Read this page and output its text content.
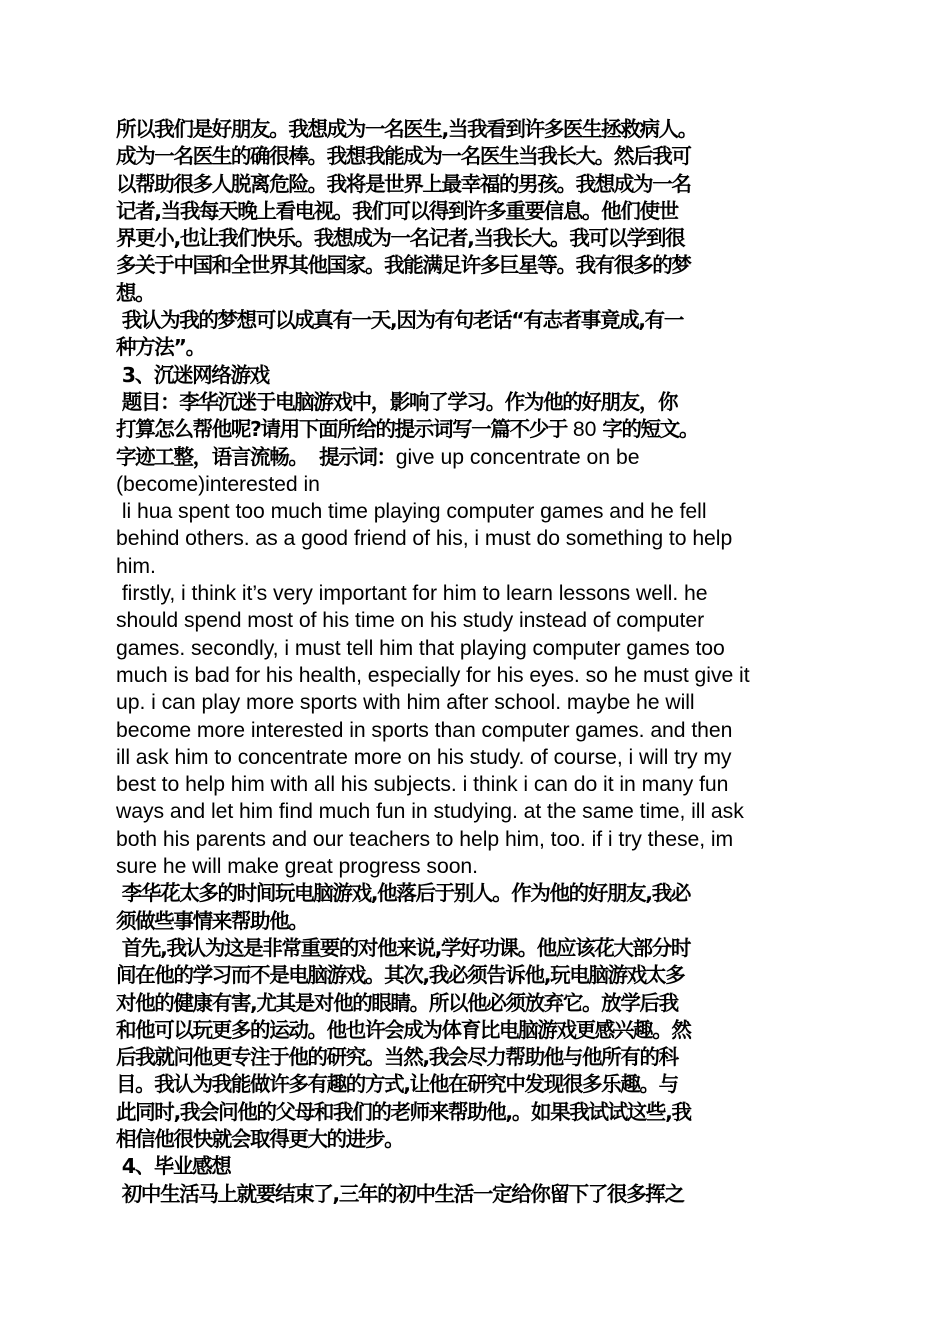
所以我们是好朋友。我想成为一名医生,当我看到许多医生拯救病人。
成为一名医生的确很棒。我想我能成为一名医生当我长大。然后我可
以帮助很多人脱离危险。我将是世界上最幸福的男孩。我想成为一名
记者,当我每天晚上看电视。我们可以得到许多重要信息。他们使世
界更小,也让我们快乐。我想成为一名记者,当我长大。我可以学到很
多关于中国和全世界其他国家。我能满足许多巨星等。我有很多的梦
想。
我认为我的梦想可以成真有一天,因为有句老话“有志者事竟成,有一
种方法”。
3、沉迷网络游戏
题目：李华沉迷于电脑游戏中，影响了学习。作为他的好朋友，你
打算怎么帮他呢?请用下面所给的提示词写一篇不少于 80 字的短文。
字迹工整，语言流畅。  提示词：give up concentrate on be
(become)interested in
li hua spent too much time playing computer games and he fell
behind others. as a good friend of his, i must do something to help
him.
firstly, i think it’s very important for him to learn lessons well. he
should spend most of his time on his study instead of computer
games. secondly, i must tell him that playing computer games too
much is bad for his health, especially for his eyes. so he must give it
up. i can play more sports with him after school. maybe he will
become more interested in sports than computer games. and then
ill ask him to concentrate more on his study. of course, i will try my
best to help him with all his subjects. i think i can do it in many fun
ways and let him find much fun in studying. at the same time, ill ask
both his parents and our teachers to help him, too. if i try these, im
sure he will make great progress soon.
李华花太多的时间玩电脑游戏,他落后于别人。作为他的好朋友,我必
须做些事情来帮助他。
首先,我认为这是非常重要的对他来说,学好功课。他应该花大部分时
间在他的学习而不是电脑游戏。其次,我必须告诉他,玩电脑游戏太多
对他的健康有害,尤其是对他的眼睛。所以他必须放弃它。放学后我
和他可以玩更多的运动。他也许会成为体育比电脑游戏更感兴趣。然
后我就问他更专注于他的研究。当然,我会尽力帮助他与他所有的科
目。我认为我能做许多有趣的方式,让他在研究中发现很多乐趣。与
此同时,我会问他的父母和我们的老师来帮助他,。如果我试试这些,我
相信他很快就会取得更大的进步。
4、毕业感想
初中生活马上就要结束了,三年的初中生活一定给你留下了很多挥之
